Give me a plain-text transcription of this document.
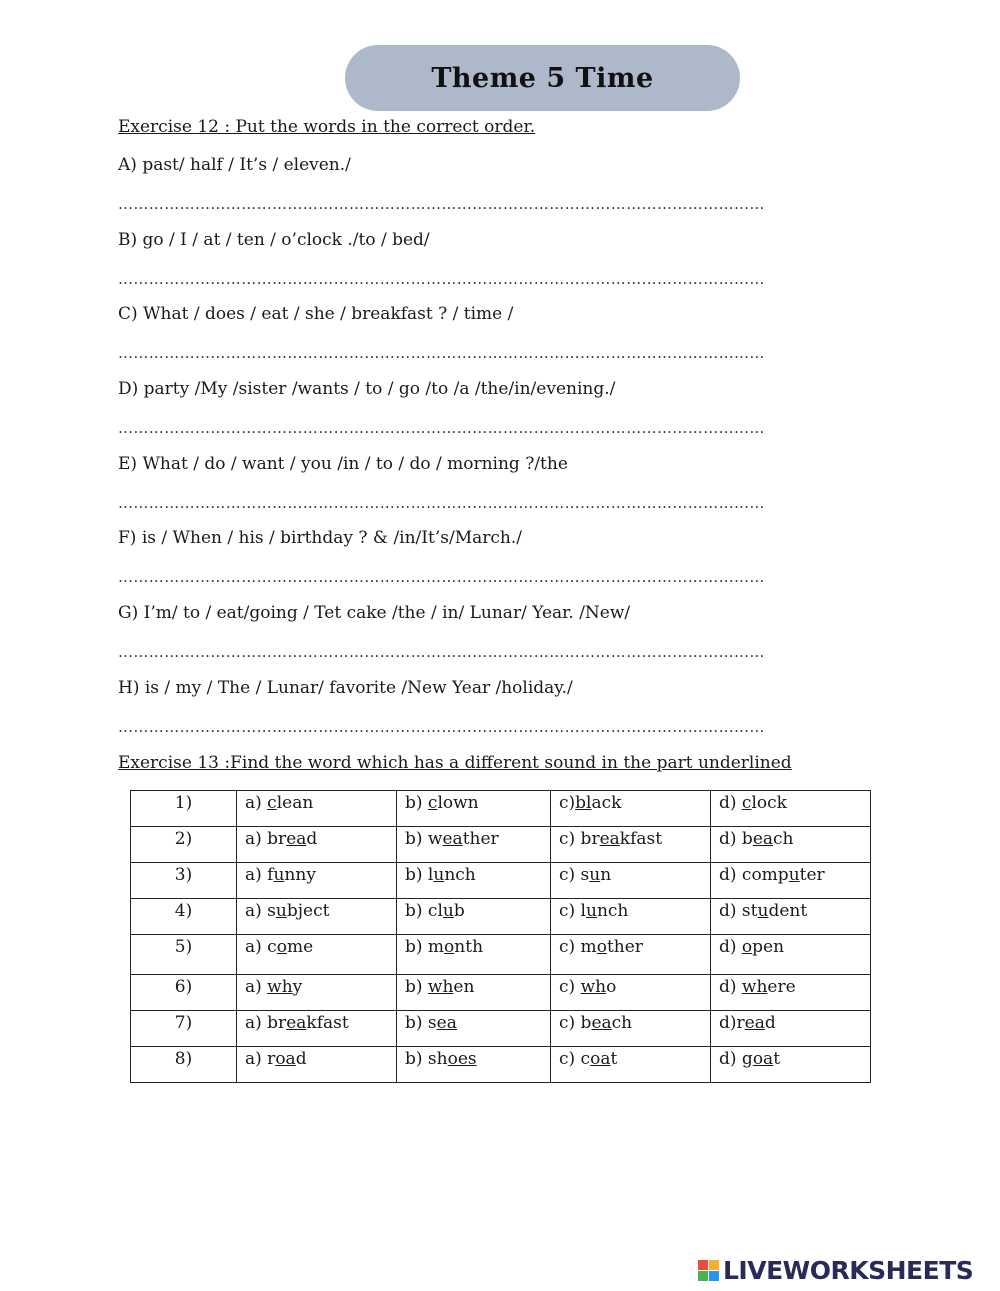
Theme 5 Time
Exercise 12 : Put the words in the correct order.
A) past/ half / It’s / eleven./
………………………………………………………………………………………………………………
B) go / I / at / ten / o’clock ./to / bed/
………………………………………………………………………………………………………………
C) What / does / eat / she / breakfast ? / time /
………………………………………………………………………………………………………………
D) party /My /sister /wants / to / go /to /a /the/in/evening./
………………………………………………………………………………………………………………
E) What / do / want / you /in / to / do / morning ?/the
………………………………………………………………………………………………………………
F) is / When / his / birthday ? & /in/It’s/March./
………………………………………………………………………………………………………………
G) I’m/ to / eat/going / Tet cake /the / in/ Lunar/ Year. /New/
………………………………………………………………………………………………………………
H) is / my / The / Lunar/ favorite /New Year /holiday./
………………………………………………………………………………………………………………
Exercise 13 :Find the word which has a different sound in the part underlined
1)	a) clean	b) clown	c)black	d) clock
2)	a) bread	b) weather	c) breakfast	d) beach
3)	a) funny	b) lunch	c) sun	d) computer
4)	a) subject	b) club	c) lunch	d) student
5)	a) come	b) month	c) mother	d) open
6)	a) why	b) when	c) who	d) where
7)	a) breakfast	b) sea	c) beach	d)read
8)	a) road	b) shoes	c) coat	d) goat
LIVEWORKSHEETS
